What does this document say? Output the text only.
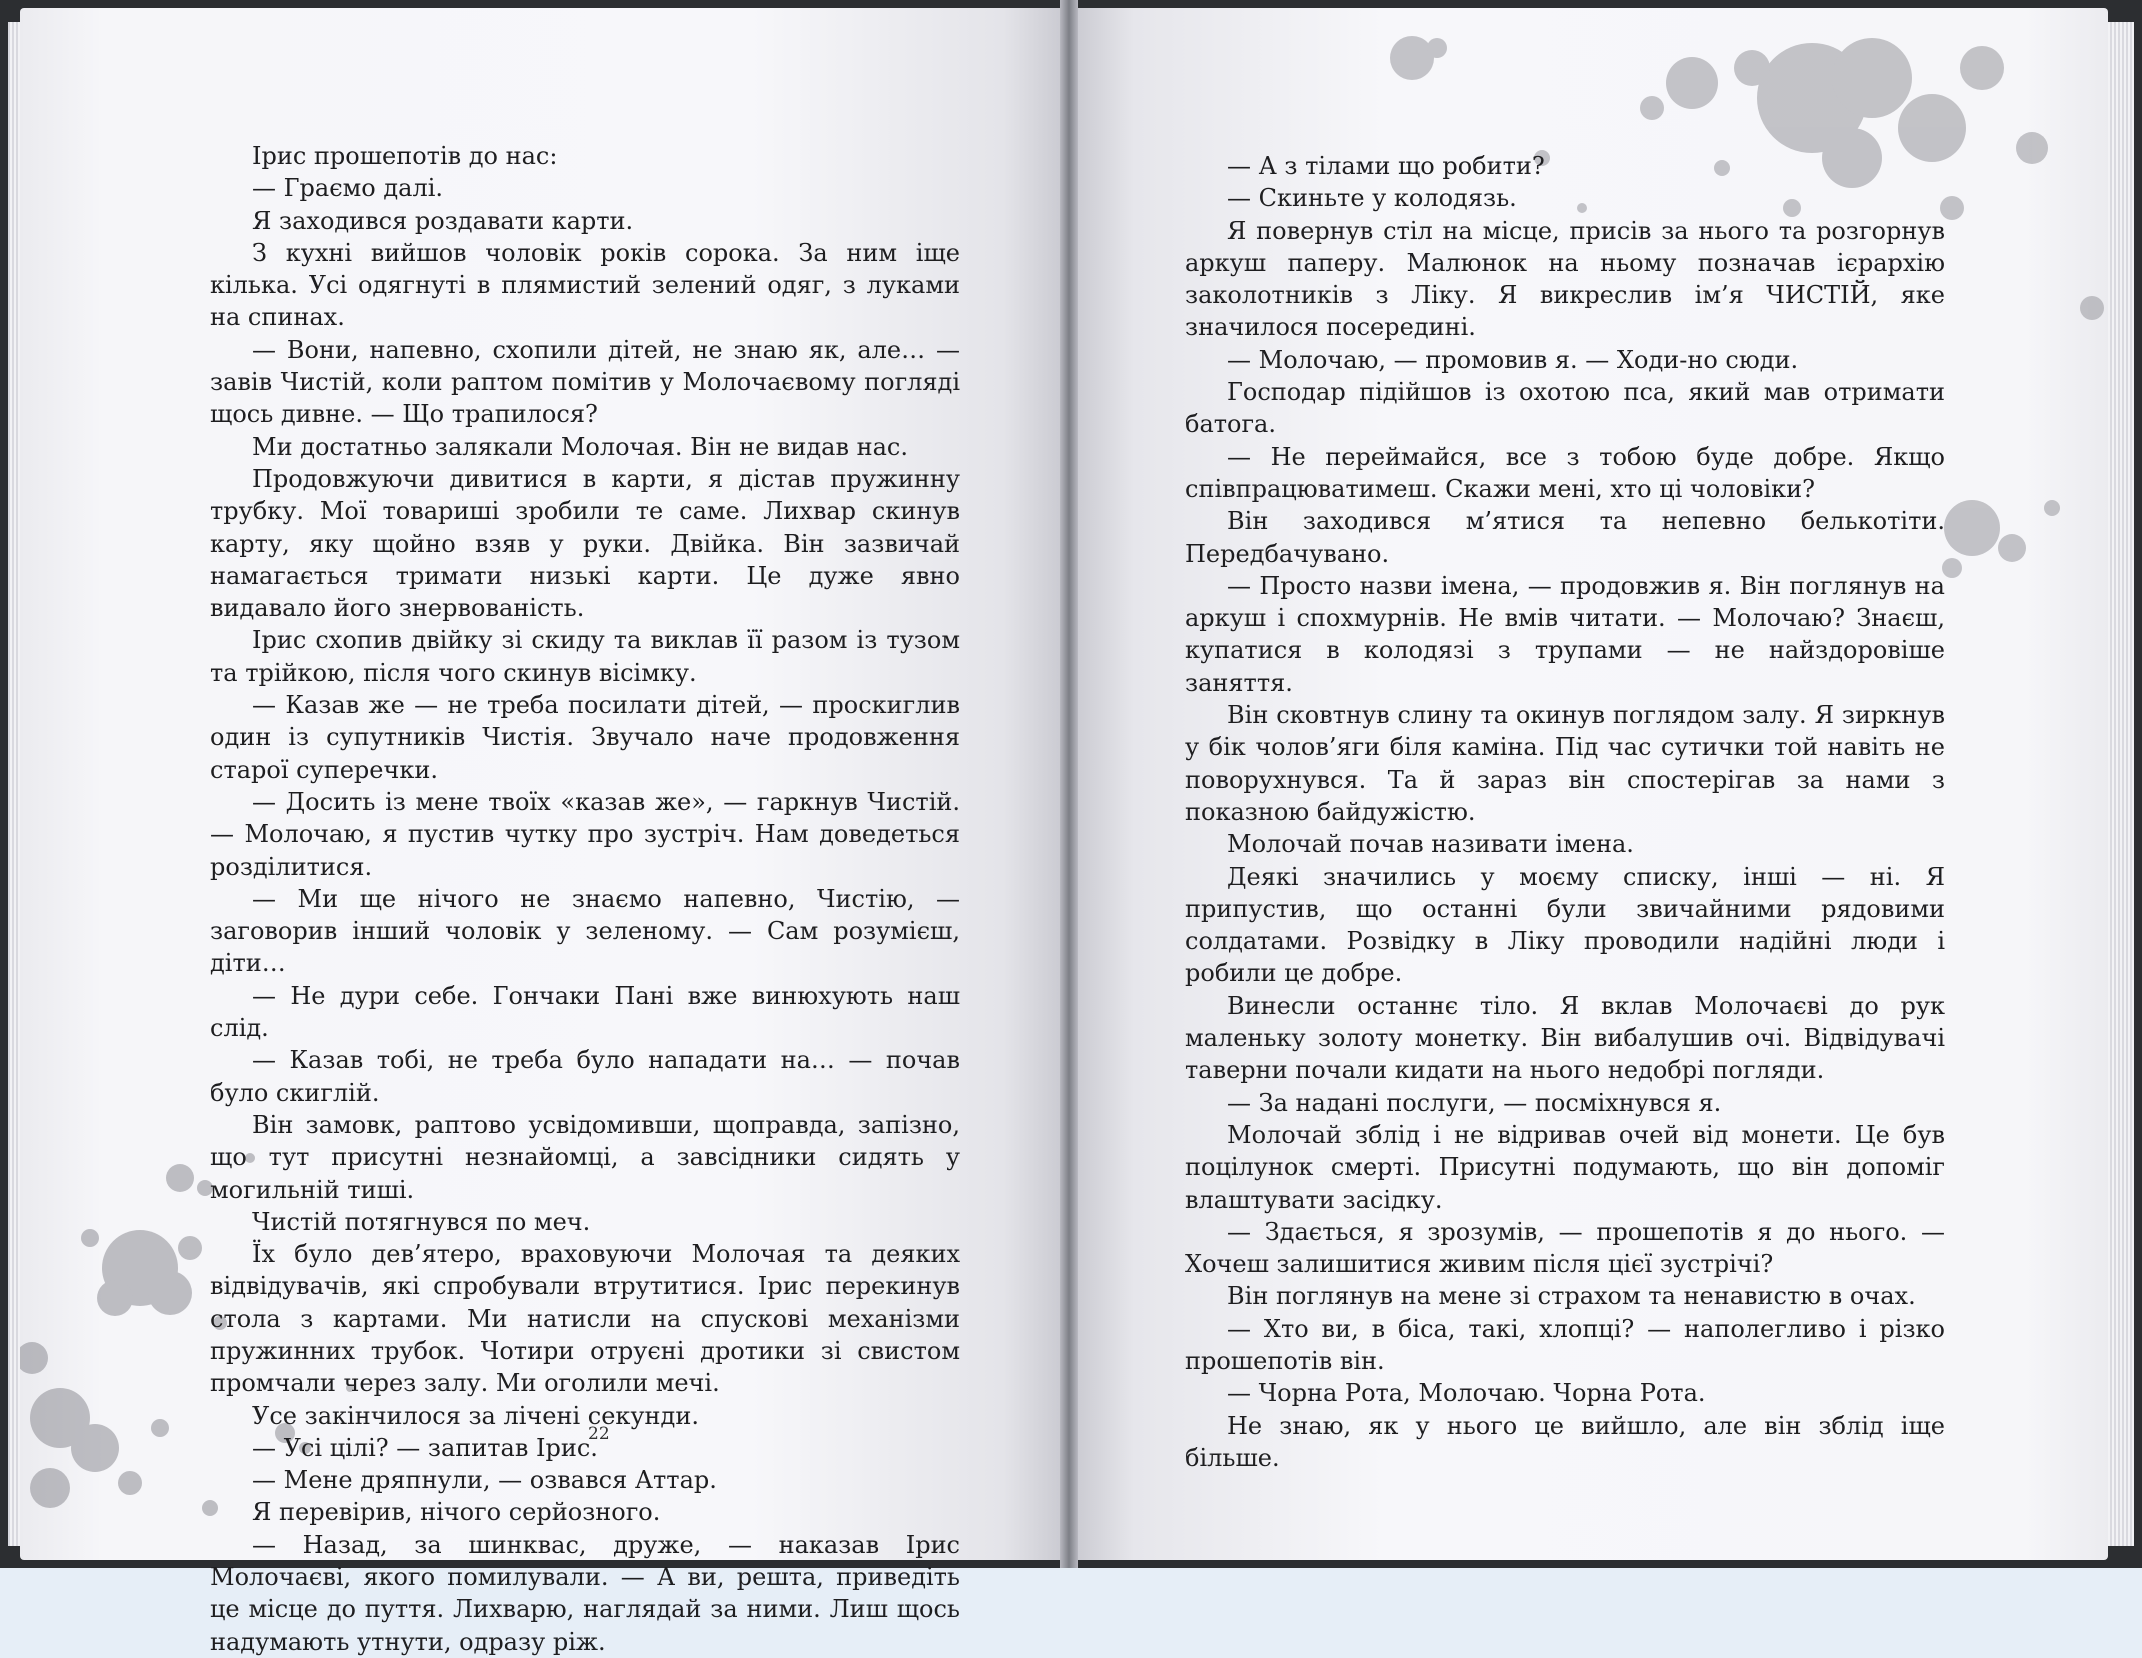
22

Ірис прошепотів до нас:

— Граємо далі.

Я заходився роздавати карти.

З кухні вийшов чоловік років сорока. За ним іще кілька. Усі одягнуті в плямистий зелений одяг, з луками на спинах.

— Вони, напевно, схопили дітей, не знаю як, але… — завів Чистій, коли раптом помітив у Молочаєвому погляді щось дивне. — Що трапилося?

Ми достатньо залякали Молочая. Він не видав нас.

Продовжуючи дивитися в карти, я дістав пружинну трубку. Мої товариші зробили те саме. Лихвар скинув карту, яку щойно взяв у руки. Двійка. Він зазвичай намагається тримати низькі карти. Це дуже явно видавало його знервованість.

Ірис схопив двійку зі скиду та виклав її разом із тузом та трійкою, після чого скинув вісімку.

— Казав же — не треба посилати дітей, — проскиглив один із супутників Чистія. Звучало наче продовження старої суперечки.

— Досить із мене твоїх «казав же», — гаркнув Чистій. — Молочаю, я пустив чутку про зустріч. Нам доведеться розділитися.

— Ми ще нічого не знаємо напевно, Чистію, — заговорив інший чоловік у зеленому. — Сам розумієш, діти…

— Не дури себе. Гончаки Пані вже винюхують наш слід.

— Казав тобі, не треба було нападати на… — почав було скиглій.

Він замовк, раптово усвідомивши, щоправда, запізно, що тут присутні незнайомці, а завсідники сидять у могильній тиші.

Чистій потягнувся по меч.

Їх було дев’ятеро, враховуючи Молочая та деяких відвідувачів, які спробували втрутитися. Ірис перекинув стола з картами. Ми натисли на спускові механізми пружинних трубок. Чотири отруєні дротики зі свистом промчали через залу. Ми оголили мечі.

Усе закінчилося за лічені секунди.

— Усі цілі? — запитав Ірис.

— Мене дряпнули, — озвався Аттар.

Я перевірив, нічого серйозного.

— Назад, за шинквас, друже, — наказав Ірис Молочаєві, якого помилували. — А ви, решта, приведіть це місце до пуття. Лихварю, наглядай за ними. Лиш щось надумають утнути, одразу ріж.

— А з тілами що робити?

— Скиньте у колодязь.

Я повернув стіл на місце, присів за нього та розгорнув аркуш паперу. Малюнок на ньому позначав ієрархію заколотників з Ліку. Я викреслив ім’я ЧИСТІЙ, яке значилося посередині.

— Молочаю, — промовив я. — Ходи-но сюди.

Господар підійшов із охотою пса, який мав отримати батога.

— Не переймайся, все з тобою буде добре. Якщо співпрацюватимеш. Скажи мені, хто ці чоловіки?

Він заходився м’ятися та непевно белькотіти. Передбачувано.

— Просто назви імена, — продовжив я. Він поглянув на аркуш і спохмурнів. Не вмів читати. — Молочаю? Знаєш, купатися в колодязі з трупами — не найздоровіше заняття.

Він сковтнув слину та окинув поглядом залу. Я зиркнув у бік чолов’яги біля каміна. Під час сутички той навіть не поворухнувся. Та й зараз він спостерігав за нами з показною байдужістю.

Молочай почав називати імена.

Деякі значились у моєму списку, інші — ні. Я припустив, що останні були звичайними рядовими солдатами. Розвідку в Ліку проводили надійні люди і робили це добре.

Винесли останнє тіло. Я вклав Молочаєві до рук маленьку золоту монетку. Він вибалушив очі. Відвідувачі таверни почали кидати на нього недобрі погляди.

— За надані послуги, — посміхнувся я.

Молочай зблід і не відривав очей від монети. Це був поцілунок смерті. Присутні подумають, що він допоміг влаштувати засідку.

— Здається, я зрозумів, — прошепотів я до нього. — Хочеш залишитися живим після цієї зустрічі?

Він поглянув на мене зі страхом та ненавистю в очах.

— Хто ви, в біса, такі, хлопці? — наполегливо і різко прошепотів він.

— Чорна Рота, Молочаю. Чорна Рота.

Не знаю, як у нього це вийшло, але він зблід іще більше.
